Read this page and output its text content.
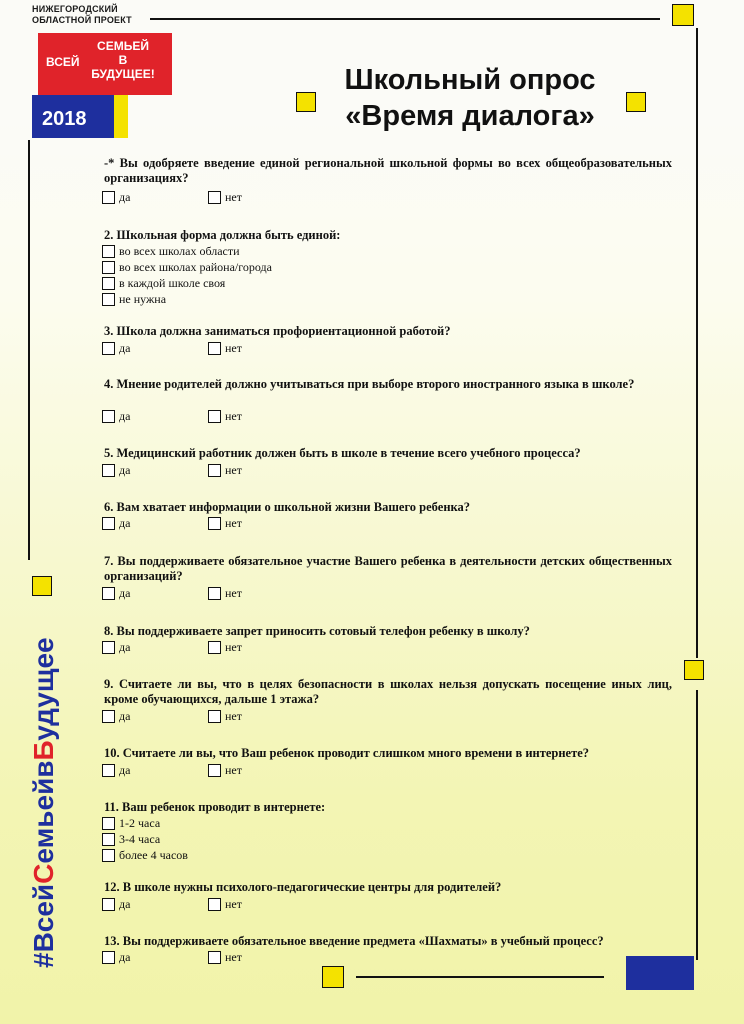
НИЖЕГОРОДСКИЙ
ОБЛАСТНОЙ ПРОЕКТ
ВСЕЙ
СЕМЬЕЙ
В
БУДУЩЕЕ!
2018
Школьный опрос
«Время диалога»
#ВсейСемьейвБудущее
-* Вы одобряете введение единой региональной школьной формы во всех общеобразовательных организациях?
да	нет
2. Школьная форма должна быть единой:
во всех школах области
во всех школах района/города
в каждой школе своя
не нужна
3. Школа должна заниматься профориентационной работой?
да	нет
4. Мнение родителей должно учитываться при выборе второго иностранного языка в школе?
да	нет
5. Медицинский работник должен быть в школе в течение всего учебного процесса?
да	нет
6. Вам хватает информации о школьной жизни Вашего ребенка?
да	нет
7. Вы поддерживаете обязательное участие Вашего ребенка в деятельности детских общественных организаций?
да	нет
8. Вы поддерживаете запрет приносить сотовый телефон ребенку в школу?
да	нет
9. Считаете ли вы, что в целях безопасности в школах нельзя допускать посещение иных лиц, кроме обучающихся, дальше 1 этажа?
да	нет
10. Считаете ли вы, что Ваш ребенок проводит слишком много времени в интернете?
да	нет
11. Ваш ребенок проводит в интернете:
1-2 часа
3-4 часа
более 4 часов
12. В школе нужны психолого-педагогические центры для родителей?
да	нет
13. Вы поддерживаете обязательное введение предмета «Шахматы» в учебный процесс?
да	нет
